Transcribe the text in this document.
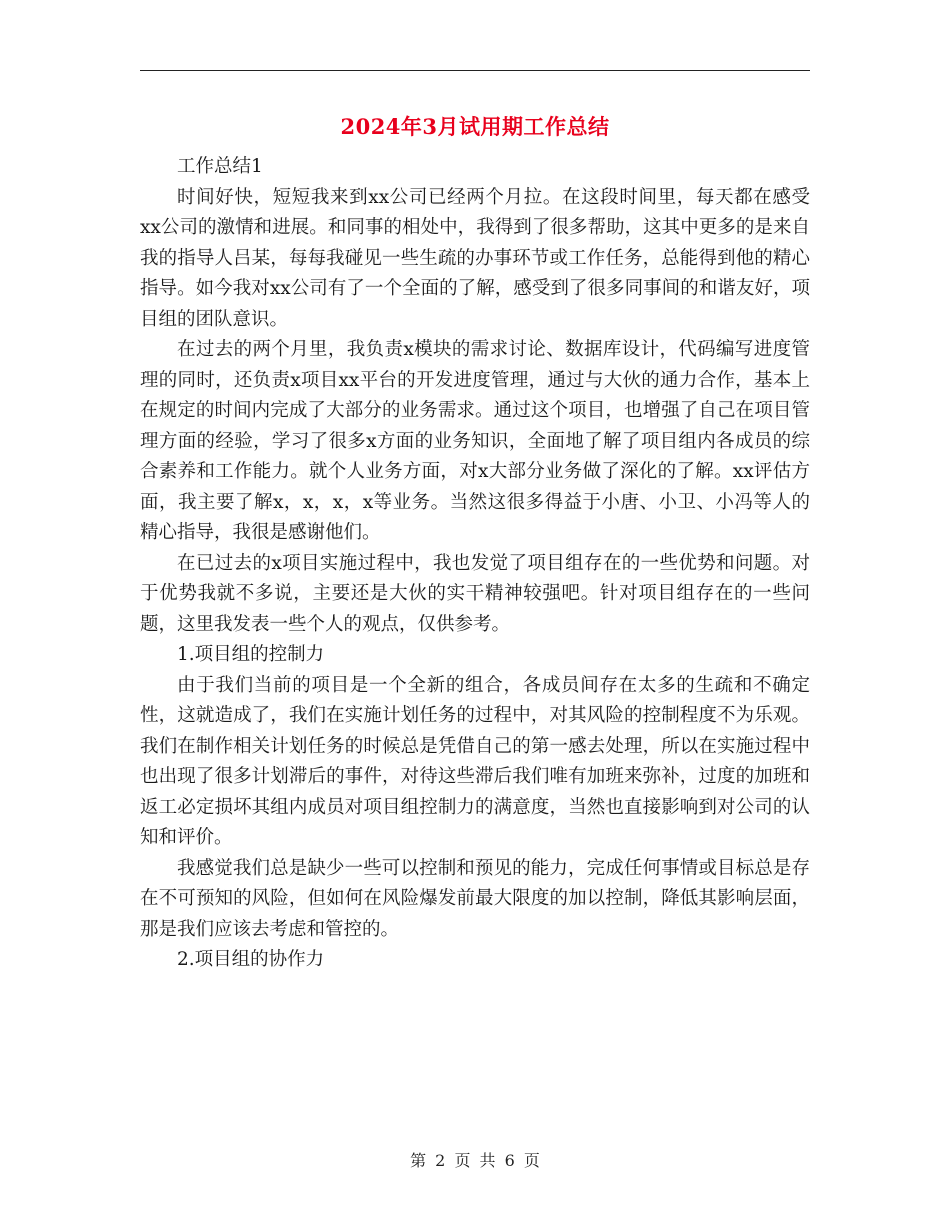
2024年3月试用期工作总结

工作总结1

时间好快，短短我来到xx公司已经两个月拉。在这段时间里，每天都在感受xx公司的激情和进展。和同事的相处中，我得到了很多帮助，这其中更多的是来自我的指导人吕某，每每我碰见一些生疏的办事环节或工作任务，总能得到他的精心指导。如今我对xx公司有了一个全面的了解，感受到了很多同事间的和谐友好，项目组的团队意识。

在过去的两个月里，我负责x模块的需求讨论、数据库设计，代码编写进度管理的同时，还负责x项目xx平台的开发进度管理，通过与大伙的通力合作，基本上在规定的时间内完成了大部分的业务需求。通过这个项目，也增强了自己在项目管理方面的经验，学习了很多x方面的业务知识，全面地了解了项目组内各成员的综合素养和工作能力。就个人业务方面，对x大部分业务做了深化的了解。xx评估方面，我主要了解x，x，x，x等业务。当然这很多得益于小唐、小卫、小冯等人的精心指导，我很是感谢他们。

在已过去的x项目实施过程中，我也发觉了项目组存在的一些优势和问题。对于优势我就不多说，主要还是大伙的实干精神较强吧。针对项目组存在的一些问题，这里我发表一些个人的观点，仅供参考。

1.项目组的控制力

由于我们当前的项目是一个全新的组合，各成员间存在太多的生疏和不确定性，这就造成了，我们在实施计划任务的过程中，对其风险的控制程度不为乐观。我们在制作相关计划任务的时候总是凭借自己的第一感去处理，所以在实施过程中也出现了很多计划滞后的事件，对待这些滞后我们唯有加班来弥补，过度的加班和返工必定损坏其组内成员对项目组控制力的满意度，当然也直接影响到对公司的认知和评价。

我感觉我们总是缺少一些可以控制和预见的能力，完成任何事情或目标总是存在不可预知的风险，但如何在风险爆发前最大限度的加以控制，降低其影响层面，那是我们应该去考虑和管控的。

2.项目组的协作力

第 2 页 共 6 页
